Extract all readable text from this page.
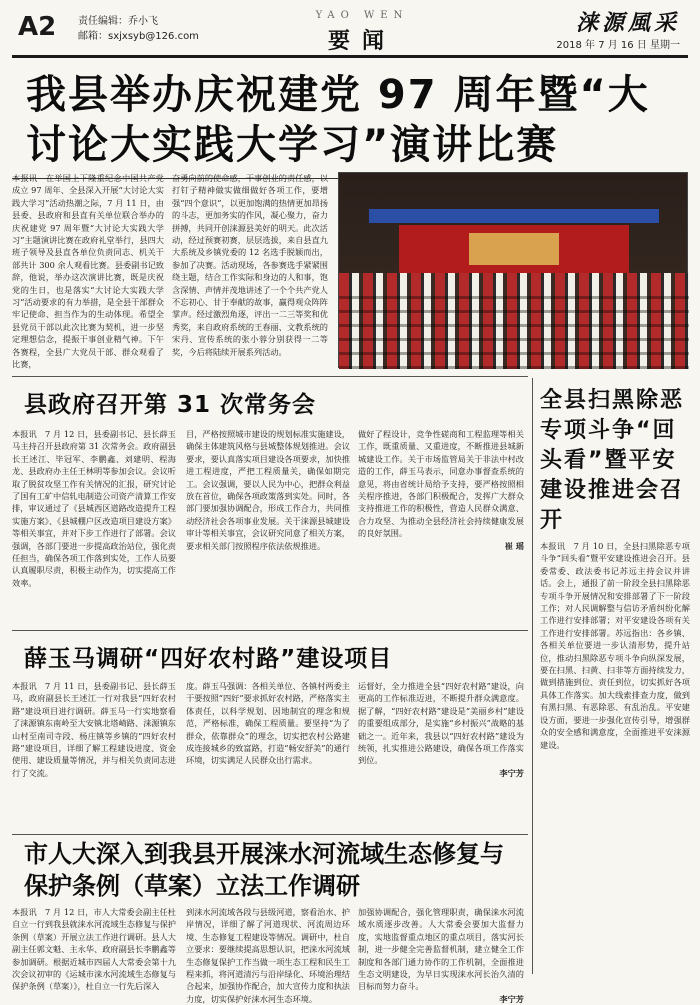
A2 责任编辑：乔小飞
邮箱：sxjxsyb@126.com
YAO WEN
要闻
涞源風采
2018 年 7 月 16 日 星期一
我县举办庆祝建党 97 周年暨“大讨论大实践大学习”演讲比赛
本报讯　在举国上下隆重纪念中国共产党成立 97 周年、全县深入开展“大讨论大实践大学习”活动热潮之际，7 月 11 日，由县委、县政府和县直有关单位联合举办的庆祝建党 97 周年暨“大讨论大实践大学习”主题演讲比赛在政府礼堂举行，县四大班子领导及县直各单位负责同志、机关干部共计 300 余人观看比赛。县委副书记致辞，他说，举办这次演讲比赛，既是庆祝党的生日，也是落实“大讨论大实践大学习”活动要求的有力举措，是全县干部群众牢记使命、担当作为的生动体现。希望全县党员干部以此次比赛为契机，进一步坚定理想信念，提振干事创业精气神。下午各赛程，全县广大党员干部、群众观看了比赛，
奋勇向前的使命感，干事创业的责任感，以打钉子精神做实做细做好各项工作，要增强“四个意识”，以更加饱满的热情更加昂扬的斗志，更加务实的作风，凝心聚力，奋力拼搏，共同开创涞源县美好的明天。此次活动，经过预赛初赛，层层选拔，来自县直九大系统及乡镇党委的 12 名选手脱颖而出，参加了决赛。活动现场，各参赛选手紧紧围绕主题，结合工作实际和身边的人和事，饱含深情、声情并茂地讲述了一个个共产党人不忘初心、甘于奉献的故事，赢得观众阵阵掌声。经过激烈角逐，评出一二三等奖和优秀奖，来自政府系统的王春丽、文教系统的宋丹、宣传系统的张小蓉分别获得一二等奖，今后将陆续开展系列活动。
县政府召开第 31 次常务会
本报讯　7 月 12 日，县委副书记、县长薛玉马主持召开县政府第 31 次常务会。政府副县长王述江、毕冠军、李鹏鑫、刘建明、程海龙、县政府办主任王林明等参加会议。会议听取了脱贫攻坚工作有关情况的汇报，研究讨论了国有工矿中信轧电制造公司资产清算工作安排，审议通过了《县城西区道路改造提升工程实施方案》、《县城棚户区改造项目建设方案》等相关事宜，并对下步工作进行了部署。会议强调，各部门要进一步提高政治站位，强化责任担当，确保各项工作落到实处，工作人员要认真履职尽责，积极主动作为，切实提高工作效率。
目，严格按照城市建设的规划标准实施建设，确保主体建筑风格与县城整体规划推进。会议要求，要认真落实项目建设各项要求，加快推进工程进度，严把工程质量关，确保如期完工。会议强调，要以人民为中心，把群众利益放在首位，确保各项政策落到实处。同时，各部门要加强协调配合，形成工作合力，共同推动经济社会各项事业发展。关于涞源县城建设审计等相关事宜，会议研究同意了相关方案，要求相关部门按照程序依法依规推进。
做好了程设计，竞争性磋商和工程监理等相关工作，既重质量、又重进度，不断推进县城新城建设工作。关于市场监管局关于非法中村改造的工作，薛玉马表示，同意办事督查系统的意见，将由省统计局给予支持，要严格按照相关程序推进，各部门积极配合，发挥广大群众支持推进工作的积极性，营造人民群众满意、合力攻坚、为推动全县经济社会持续健康发展的良好氛围。
崔 瑶
薛玉马调研“四好农村路”建设项目
本报讯　7 月 11 日，县委副书记、县长薛玉马，政府副县长王述江一行对我县“四好农村路”建设项目进行调研。薛玉马一行实地察看了涞源镇东南岭至大安镇北塔崎路、涞源镇东山村至南司寺段、杨庄镇等乡镇的“四好农村路”建设项目，详细了解工程建设进度、资金使用、建设质量等情况，并与相关负责同志进行了交流。
度。薛玉马强调：各相关单位、各镇村两委主干要按照“四好”要求抓好农村路，严格落实主体责任，以科学规划、因地制宜的理念和规范，严格标准，确保工程质量。要坚持“为了群众，依靠群众”的理念，切实把农村公路建成连接城乡的致富路，打造“畅安舒美”的通行环境，切实满足人民群众出行需求。
运督好，全力推进全县“四好农村路”建设，向更高的工作标准迈进，不断提升群众满意度。据了解，“四好农村路”建设是“美丽乡村”建设的重要组成部分，是实施“乡村振兴”战略的基础之一。近年来，我县以“四好农村路”建设为统领，扎实推进公路建设，确保各项工作落实到位。
李宁芳
市人大深入到我县开展涞水河流域生态修复与保护条例（草案）立法工作调研
本报讯　7 月 12 日，市人大常委会副主任杜自立一行到我县就涞水河流域生态修复与保护条例（草案）开展立法工作进行调研。县人大副主任郭文魁、主永华、政府副县长李鹏鑫等参加调研。根据近城市四届人大常委会第十九次会议初审的《运城市涞水河流域生态修复与保护条例（草案）》，杜自立一行先后深入
到涞水河流域各段与县级河道，察看治水、护岸情况，详细了解了河道现状、河流周边环境、生态修复工程建设等情况。调研中，杜自立要求：要继续提高思想认识，把涞水河流域生态修复保护工作当做一项生态工程和民生工程来抓，将河道清污与沿岸绿化、环境治理结合起来，加强协作配合，加大宣传力度和执法力度，切实保护好涞水河生态环境。
加强协调配合，强化管理职责，确保涞水河流域水质逐步改善。人大常委会要加大监督力度，实地监督重点地区的重点项目，落实河长制，进一步健全完善监督机制，建立健全工作制度和各部门通力协作的工作机制，全面推进生态文明建设，为早日实现涞水河长治久清的目标而努力奋斗。
李宁芳
全县扫黑除恶专项斗争“回头看”暨平安建设推进会召开
本报讯　7 月 10 日，全县扫黑除恶专项斗争“回头看”暨平安建设推进会召开。县委常委、政法委书记苏远主持会议并讲话。会上，通报了前一阶段全县扫黑除恶专项斗争开展情况和安排部署了下一阶段工作；对人民调解整与信访矛盾纠纷化解工作进行安排部署；对平安建设各项有关工作进行安排部署。苏远指出：各乡镇、各相关单位要进一步认清形势，提升站位，推动扫黑除恶专项斗争向纵深发展，要在扫黑、扫黄、扫非等方面持续发力，做到措施到位、责任到位，切实抓好各项具体工作落实。加大线索排查力度，做到有黑扫黑、有恶除恶、有乱治乱。平安建设方面，要进一步强化宣传引导，增强群众的安全感和满意度，全面推进平安涞源建设。
